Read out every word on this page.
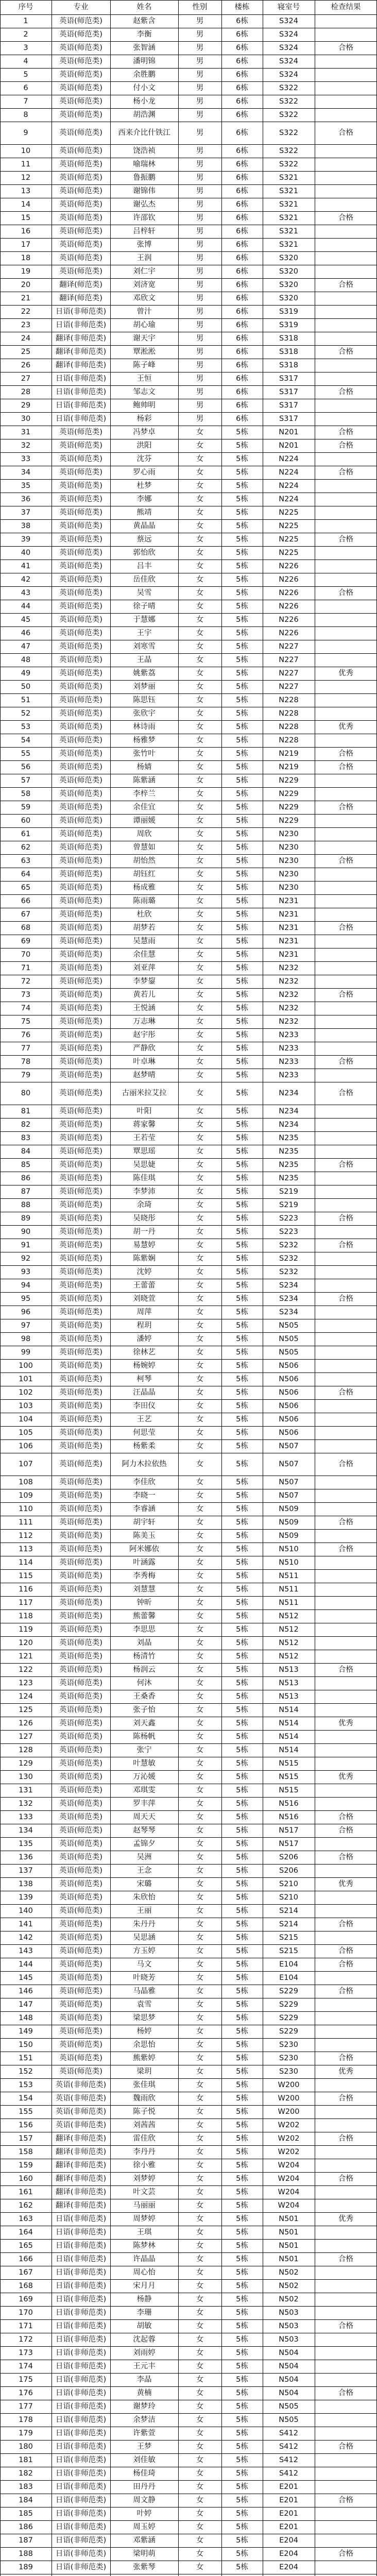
序号	专业	姓名	性别	楼栋	寝室号	检查结果
1	英语(师范类)	赵紫含	男	6栋	S324
2	英语(师范类)	李衡	男	6栋	S324
3	英语(师范类)	张智涵	男	6栋	S324	合格
4	英语(师范类)	潘明锦	男	6栋	S324
5	英语(师范类)	余胜鹏	男	6栋	S324
6	英语(师范类)	付小文	男	6栋	S322
7	英语(师范类)	杨小龙	男	6栋	S322
8	英语(师范类)	胡浩渊	男	6栋	S322
9	英语(师范类)	西来介比什铁江	男	6栋	S322	合格
10	英语(师范类)	饶浩祯	男	6栋	S322
11	英语(师范类)	喻瑞林	男	6栋	S322
12	英语(师范类)	鲁振鹏	男	6栋	S321
13	英语(师范类)	谢锦伟	男	6栋	S321
14	英语(师范类)	谢弘杰	男	6栋	S321
15	英语(师范类)	许邵钦	男	6栋	S321	合格
16	英语(师范类)	吕梓轩	男	6栋	S321
17	英语(师范类)	张博	男	6栋	S321
18	英语(师范类)	王润	男	6栋	S320
19	英语(师范类)	刘仁宇	男	6栋	S320
20	翻译(师范类)	刘济宽	男	6栋	S320	合格
21	翻译(师范类)	邓欣文	男	6栋	S320
22	日语(非师范类)	曾汁	男	6栋	S319
23	日语(非师范类)	胡心瑜	男	6栋	S319
24	翻译(非师范类)	谢天宇	男	6栋	S318
25	翻译(非师范类)	覃淞淞	男	6栋	S318	合格
26	翻译(非师范类)	陈子峰	男	6栋	S318
27	日语(非师范类)	王恒	男	6栋	S317
28	日语(非师范类)	邹志文	男	6栋	S317	合格
29	日语(非师范类)	鲍帅明	男	6栋	S317
30	日语(非师范类)	杨彩	男	6栋	S317
31	英语(师范类)	冯梦卓	女	5栋	N201	合格
32	英语(师范类)	洪阳	女	5栋	N201	合格
33	英语(师范类)	沈芬	女	5栋	N224
34	英语(师范类)	罗心雨	女	5栋	N224	合格
35	英语(师范类)	杜梦	女	5栋	N224
36	英语(师范类)	李娜	女	5栋	N224
37	英语(师范类)	熊靖	女	5栋	N225
38	英语(师范类)	黄晶晶	女	5栋	N225
39	英语(师范类)	蔡远	女	5栋	N225	合格
40	英语(师范类)	郭怡欣	女	5栋	N225
41	英语(师范类)	吕丰	女	5栋	N226
42	英语(师范类)	岳佳欣	女	5栋	N226
43	英语(师范类)	吴雪	女	5栋	N226	合格
44	英语(师范类)	徐子晴	女	5栋	N226
45	英语(师范类)	于慧娜	女	5栋	N226
46	英语(师范类)	王宇	女	5栋	N226
47	英语(师范类)	刘寒雪	女	5栋	N227
48	英语(师范类)	王晶	女	5栋	N227
49	英语(师范类)	姚紫荔	女	5栋	N227	优秀
50	英语(师范类)	刘梦丽	女	5栋	N227
51	英语(师范类)	陈思钰	女	5栋	N228
52	英语(师范类)	张欣宇	女	5栋	N228
53	英语(师范类)	林诗雨	女	5栋	N228	优秀
54	英语(师范类)	杨雅梦	女	5栋	N228
55	英语(师范类)	张竹叶	女	5栋	N219	合格
56	英语(师范类)	杨婧	女	5栋	N219	合格
57	英语(师范类)	陈紫涵	女	5栋	N229
58	英语(师范类)	李梓兰	女	5栋	N229
59	英语(师范类)	余佳宜	女	5栋	N229	合格
60	英语(师范类)	谭丽媛	女	5栋	N229
61	英语(师范类)	周欣	女	5栋	N230
62	英语(师范类)	曾慧如	女	5栋	N230
63	英语(师范类)	胡怡然	女	5栋	N230	合格
64	英语(师范类)	胡钰红	女	5栋	N230
65	英语(师范类)	杨成雅	女	5栋	N230
66	英语(师范类)	陈雨璐	女	5栋	N231
67	英语(师范类)	杜欣	女	5栋	N231
68	英语(师范类)	胡梦若	女	5栋	N231	合格
69	英语(师范类)	吴慧雨	女	5栋	N231
70	英语(师范类)	余佳慧	女	5栋	N231
71	英语(师范类)	刘亚萍	女	5栋	N232
72	英语(师范类)	李梦鋆	女	5栋	N232
73	英语(师范类)	黄若儿	女	5栋	N232	合格
74	英语(师范类)	王悦涵	女	5栋	N232
75	英语(师范类)	万志琳	女	5栋	N232
76	英语(师范类)	赵宇彤	女	5栋	N233
77	英语(师范类)	严静欣	女	5栋	N233
78	英语(师范类)	叶卓琳	女	5栋	N233	合格
79	英语(师范类)	赵梦晴	女	5栋	N233
80	英语(师范类)	古丽米拉艾拉	女	5栋	N234	合格
81	英语(师范类)	叶阳	女	5栋	N234
82	英语(师范类)	蒋家馨	女	5栋	N234
83	英语(师范类)	王若莹	女	5栋	N235
84	英语(师范类)	覃思瑶	女	5栋	N235
85	英语(师范类)	吴思婕	女	5栋	N235	合格
86	英语(师范类)	陈佳琪	女	5栋	N235
87	英语(师范类)	李梦沛	女	5栋	S219
88	英语(师范类)	余琦	女	5栋	S219
89	英语(师范类)	吴晓彤	女	5栋	S223	合格
90	英语(师范类)	胡一丹	女	5栋	S223
91	英语(师范类)	易慧婷	女	5栋	S232	合格
92	英语(师范类)	陈紫娴	女	5栋	S232
93	英语(师范类)	沈婷	女	5栋	S232
94	英语(师范类)	王蕾蕾	女	5栋	S234
95	英语(师范类)	刘晓萱	女	5栋	S234	合格
96	英语(师范类)	周萍	女	5栋	S234
97	英语(师范类)	程玥	女	5栋	N505
98	英语(师范类)	潘婷	女	5栋	N505
99	英语(师范类)	徐林艺	女	5栋	N505
100	英语(师范类)	杨婉婷	女	5栋	N506
101	英语(师范类)	柯琴	女	5栋	N506
102	英语(师范类)	汪晶晶	女	5栋	N506	合格
103	英语(师范类)	李田仪	女	5栋	N506
104	英语(师范类)	王艺	女	5栋	N506
105	英语(师范类)	何思莹	女	5栋	N506
106	英语(师范类)	杨紫柔	女	5栋	N507
107	英语(师范类)	阿力木拉依热	女	5栋	N507	合格
108	英语(师范类)	李佳欣	女	5栋	N507
109	英语(师范类)	李晓一	女	5栋	N507
110	英语(师范类)	李睿涵	女	5栋	N509
111	英语(师范类)	胡宇轩	女	5栋	N509	合格
112	英语(师范类)	陈美玉	女	5栋	N509
113	英语(师范类)	阿米娜依	女	5栋	N510	合格
114	英语(师范类)	叶涵露	女	5栋	N510
115	英语(师范类)	李秀梅	女	5栋	N511
116	英语(师范类)	刘慧慧	女	5栋	N511
117	英语(师范类)	钟昕	女	5栋	N511
118	英语(师范类)	熊蕾馨	女	5栋	N512
119	英语(师范类)	李思思	女	5栋	N512
120	英语(师范类)	刘晶	女	5栋	N512
121	英语(师范类)	杨清竹	女	5栋	N512
122	英语(师范类)	杨润云	女	5栋	N513	合格
123	英语(师范类)	何沐	女	5栋	N513
124	英语(师范类)	王桑香	女	5栋	N513
125	英语(师范类)	张子怡	女	5栋	N514
126	英语(师范类)	刘天鑫	女	5栋	N514	优秀
127	英语(师范类)	陈杨帆	女	5栋	N514
128	英语(师范类)	张宁	女	5栋	N514
129	英语(师范类)	叶慧敏	女	5栋	N515
130	英语(师范类)	万沁媛	女	5栋	N515	优秀
131	英语(师范类)	邓琪雯	女	5栋	N515
132	英语(师范类)	罗丰萍	女	5栋	N516
133	英语(师范类)	周天天	女	5栋	N516	合格
134	英语(师范类)	赵琴琴	女	5栋	N517	合格
135	英语(师范类)	孟锦夕	女	5栋	N517
136	英语(师范类)	吴洲	女	5栋	S206	合格
137	英语(师范类)	王念	女	5栋	S206
138	英语(师范类)	宋璐	女	5栋	S210	优秀
139	英语(师范类)	朱欣怡	女	5栋	S210
140	英语(师范类)	王丽	女	5栋	S214
141	英语(师范类)	朱丹丹	女	5栋	S214	合格
142	英语(师范类)	吴思涵	女	5栋	S215
143	英语(师范类)	方玉婷	女	5栋	S215	合格
144	英语(师范类)	马文	女	5栋	E104	合格
145	英语(师范类)	叶晓芳	女	5栋	E104
146	英语(师范类)	马晶雅	女	5栋	S229	合格
147	英语(师范类)	袁雪	女	5栋	S229
148	英语(师范类)	梁思梦	女	5栋	S229
149	英语(师范类)	杨婷	女	5栋	S229
150	英语(师范类)	余思怡	女	5栋	S230
151	英语(师范类)	熊紫婷	女	5栋	S230	合格
152	英语(师范类)	梁玥	女	5栋	S230	优秀
153	英语(非师范类)	张佳琪	女	5栋	W200
154	英语(非师范类)	魏雨欣	女	5栋	W200	合格
155	英语(非师范类)	陈子悦	女	5栋	W200
156	英语(非师范类)	刘茜茜	女	5栋	W202
157	翻译(非师范类)	雷佳欣	女	5栋	W202	合格
158	翻译(非师范类)	李丹丹	女	5栋	W202
159	翻译(非师范类)	徐小雅	女	5栋	W204
160	翻译(非师范类)	刘梦婷	女	5栋	W204	合格
161	翻译(非师范类)	叶文芸	女	5栋	W204
162	翻译(非师范类)	马丽丽	女	5栋	W204
163	日语(非师范类)	周梦婷	女	5栋	N501	优秀
164	日语(非师范类)	王琪	女	5栋	N501
165	日语(非师范类)	陈梦林	女	5栋	N501
166	日语(非师范类)	许晶晶	女	5栋	N501	合格
167	日语(非师范类)	周心怡	女	5栋	N502
168	日语(非师范类)	宋月月	女	5栋	N502
169	日语(非师范类)	杨静	女	5栋	N502
170	日语(非师范类)	李珊	女	5栋	N503
171	日语(非师范类)	胡敏	女	5栋	N503	合格
172	日语(非师范类)	沈起蓉	女	5栋	N503
173	日语(非师范类)	刘雨婷	女	5栋	N504
174	日语(非师范类)	王元丰	女	5栋	N504
175	日语(非师范类)	李晶	女	5栋	N504
176	日语(非师范类)	黄楠	女	5栋	N504	合格
177	日语(非师范类)	谢梦玲	女	5栋	N505
178	日语(非师范类)	余梦洁	女	5栋	N505
179	日语(非师范类)	许紫萱	女	5栋	S412
180	日语(非师范类)	王梦	女	5栋	S412	合格
181	日语(非师范类)	刘佳敏	女	5栋	S412
182	日语(非师范类)	杨佳琦	女	5栋	S412
183	日语(非师范类)	田丹丹	女	5栋	E201
184	日语(非师范类)	周文静	女	5栋	E201	合格
185	日语(非师范类)	叶婷	女	5栋	E201
186	日语(非师范类)	周玉婷	女	5栋	E201
187	日语(非师范类)	邓紫涵	女	5栋	E204
188	日语(非师范类)	梁明萌	女	5栋	E204	合格
189	日语(非师范类)	张紫琴	女	5栋	E204
